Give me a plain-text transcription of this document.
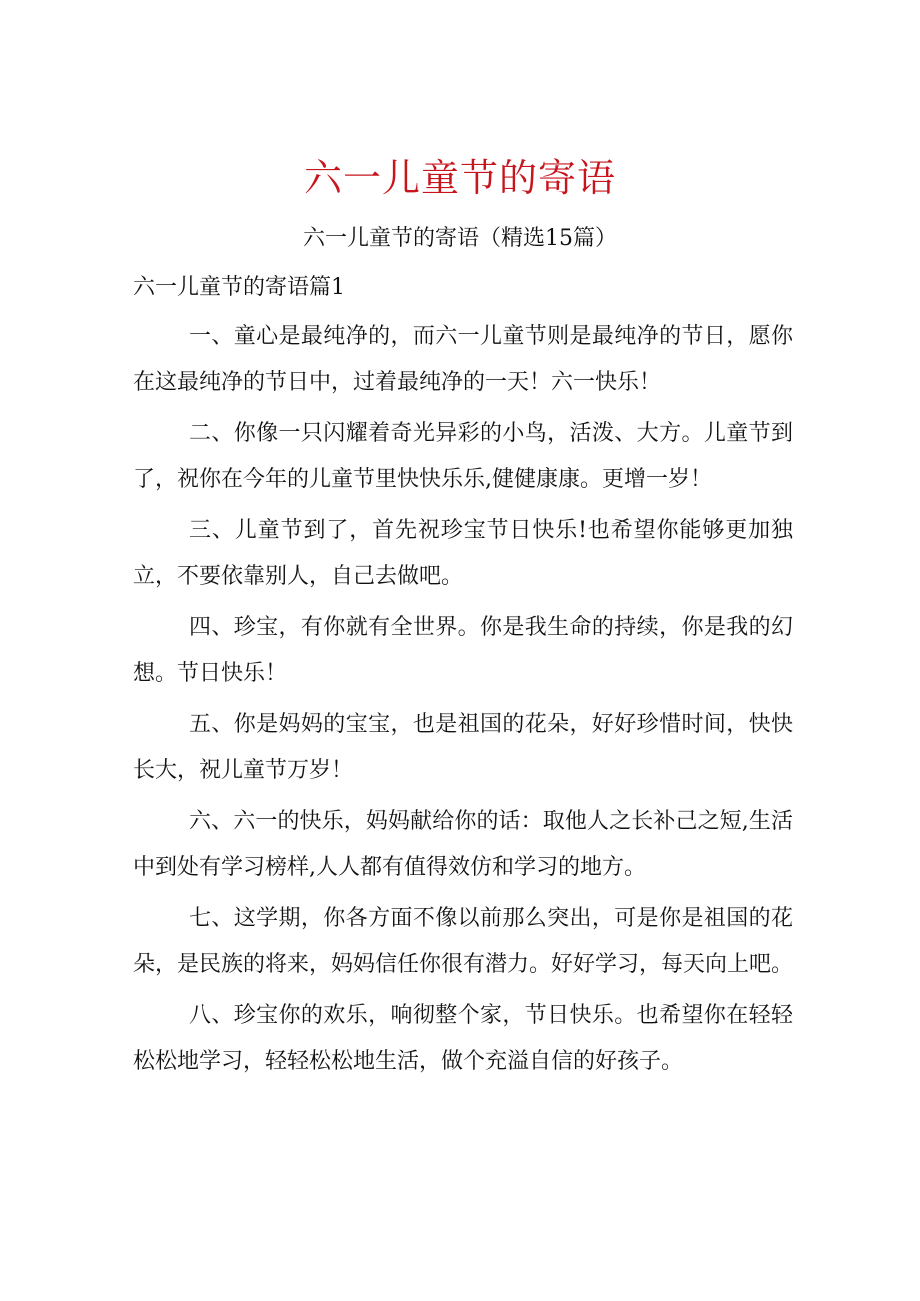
六一儿童节的寄语

六一儿童节的寄语（精选15篇）

六一儿童节的寄语篇1

一、童心是最纯净的，而六一儿童节则是最纯净的节日，愿你在这最纯净的节日中，过着最纯净的一天！六一快乐！

二、你像一只闪耀着奇光异彩的小鸟，活泼、大方。儿童节到了，祝你在今年的儿童节里快快乐乐,健健康康。更增一岁！

三、儿童节到了，首先祝珍宝节日快乐!也希望你能够更加独立，不要依靠别人，自己去做吧。

四、珍宝，有你就有全世界。你是我生命的持续，你是我的幻想。节日快乐！

五、你是妈妈的宝宝，也是祖国的花朵，好好珍惜时间，快快长大，祝儿童节万岁！

六、六一的快乐，妈妈献给你的话：取他人之长补己之短,生活中到处有学习榜样,人人都有值得效仿和学习的地方。

七、这学期，你各方面不像以前那么突出，可是你是祖国的花朵，是民族的将来，妈妈信任你很有潜力。好好学习，每天向上吧。

八、珍宝你的欢乐，响彻整个家，节日快乐。也希望你在轻轻松松地学习，轻轻松松地生活，做个充溢自信的好孩子。
